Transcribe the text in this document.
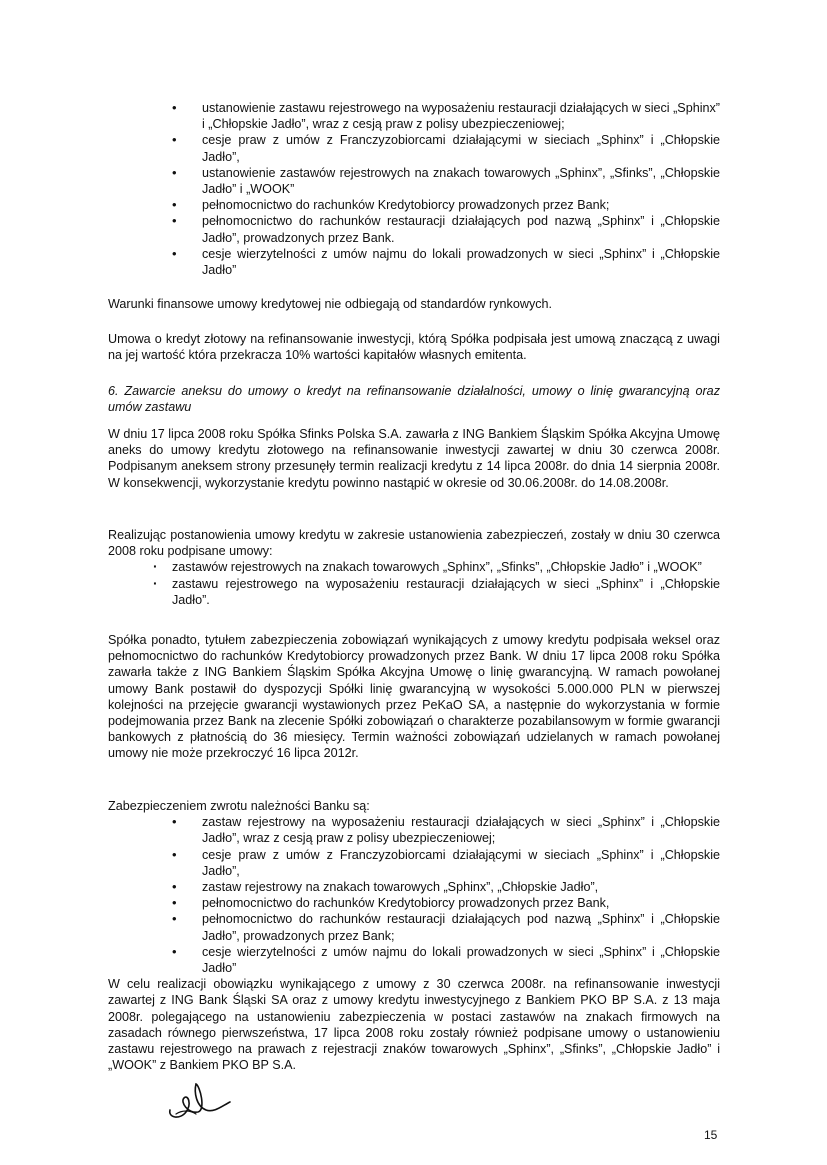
• ustanowienie zastawu rejestrowego na wyposażeniu restauracji działających w sieci „Sphinx” i „Chłopskie Jadło”, wraz z cesją praw z polisy ubezpieczeniowej;
• cesje praw z umów z Franczyzobiorcami działającymi w sieciach „Sphinx” i „Chłopskie Jadło”,
• ustanowienie zastawów rejestrowych na znakach towarowych „Sphinx”, „Sfinks”, „Chłopskie Jadło” i „WOOK”
• pełnomocnictwo do rachunków Kredytobiorcy prowadzonych przez Bank;
• pełnomocnictwo do rachunków restauracji działających pod nazwą „Sphinx” i „Chłopskie Jadło”, prowadzonych przez Bank.
• cesje wierzytelności z umów najmu do lokali prowadzonych w sieci „Sphinx” i „Chłopskie Jadło”

Warunki finansowe umowy kredytowej nie odbiegają od standardów rynkowych.

Umowa o kredyt złotowy na refinansowanie inwestycji, którą Spółka podpisała jest umową znaczącą z uwagi na jej wartość która przekracza 10% wartości kapitałów własnych emitenta.

6. Zawarcie aneksu do umowy o kredyt na refinansowanie działalności, umowy o linię gwarancyjną oraz umów zastawu

W dniu 17 lipca 2008 roku Spółka Sfinks Polska S.A. zawarła z ING Bankiem Śląskim Spółka Akcyjna Umowę aneks do umowy kredytu złotowego na refinansowanie inwestycji zawartej w dniu 30 czerwca 2008r. Podpisanym aneksem strony przesunęły termin realizacji kredytu z 14 lipca 2008r. do dnia 14 sierpnia 2008r. W konsekwencji, wykorzystanie kredytu powinno nastąpić w okresie od 30.06.2008r. do 14.08.2008r.

Realizując postanowienia umowy kredytu w zakresie ustanowienia zabezpieczeń, zostały w dniu 30 czerwca 2008 roku podpisane umowy:

· zastawów rejestrowych na znakach towarowych „Sphinx”, „Sfinks”, „Chłopskie Jadło” i „WOOK”
· zastawu rejestrowego na wyposażeniu restauracji działających w sieci „Sphinx” i „Chłopskie Jadło”.

Spółka ponadto, tytułem zabezpieczenia zobowiązań wynikających z umowy kredytu podpisała weksel oraz pełnomocnictwo do rachunków Kredytobiorcy prowadzonych przez Bank. W dniu 17 lipca 2008 roku Spółka zawarła także z ING Bankiem Śląskim Spółka Akcyjna Umowę o linię gwarancyjną. W ramach powołanej umowy Bank postawił do dyspozycji Spółki linię gwarancyjną w wysokości 5.000.000 PLN w pierwszej kolejności na przejęcie gwarancji wystawionych przez PeKaO SA, a następnie do wykorzystania w formie podejmowania przez Bank na zlecenie Spółki zobowiązań o charakterze pozabilansowym w formie gwarancji bankowych z płatnością do 36 miesięcy. Termin ważności zobowiązań udzielanych w ramach powołanej umowy nie może przekroczyć 16 lipca 2012r.

Zabezpieczeniem zwrotu należności Banku są:

• zastaw rejestrowy na wyposażeniu restauracji działających w sieci „Sphinx” i „Chłopskie Jadło”, wraz z cesją praw z polisy ubezpieczeniowej;
• cesje praw z umów z Franczyzobiorcami działającymi w sieciach „Sphinx” i „Chłopskie Jadło”,
• zastaw rejestrowy na znakach towarowych „Sphinx”, „Chłopskie Jadło”,
• pełnomocnictwo do rachunków Kredytobiorcy prowadzonych przez Bank,
• pełnomocnictwo do rachunków restauracji działających pod nazwą „Sphinx” i „Chłopskie Jadło”, prowadzonych przez Bank;
• cesje wierzytelności z umów najmu do lokali prowadzonych w sieci „Sphinx” i „Chłopskie Jadło”

W celu realizacji obowiązku wynikającego z umowy z 30 czerwca 2008r. na refinansowanie inwestycji zawartej z ING Bank Śląski SA oraz z umowy kredytu inwestycyjnego z Bankiem PKO BP S.A. z 13 maja 2008r. polegającego na ustanowieniu zabezpieczenia w postaci zastawów na znakach firmowych na zasadach równego pierwszeństwa, 17 lipca 2008 roku zostały również podpisane umowy o ustanowieniu zastawu rejestrowego na prawach z rejestracji znaków towarowych „Sphinx”, „Sfinks”, „Chłopskie Jadło” i „WOOK” z Bankiem PKO BP S.A.

15
